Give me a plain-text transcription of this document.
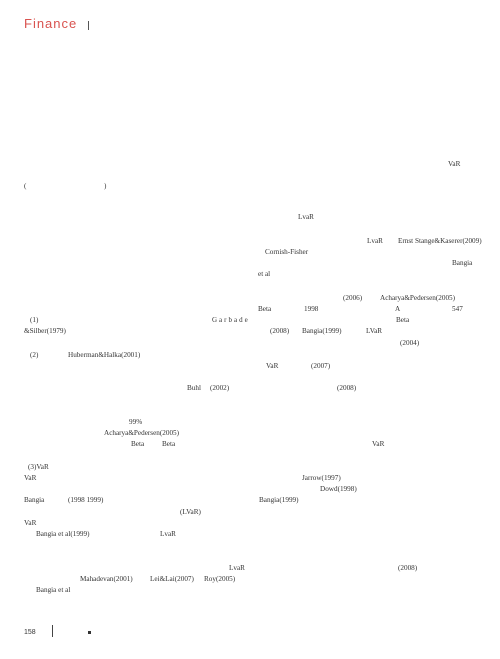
Finance
VaR
(	)
LvaR
LvaR Ernst Stange&Kaserer(2009)
Cornish-Fisher
Bangia
et al
(2006) Acharya&Pedersen(2005)
Beta	1998	A	547
(1)	Garbade	Beta
&Silber(1979)	(2008) Bangia(1999)	LVaR
(2004)
(2)	Huberman&Halka(2001)
VaR	(2007)
Buhl (2002)	(2008)
99%
Acharya&Pedersen(2005)
Beta Beta	VaR
(3)VaR
VaR	Jarrow(1997)
Dowd(1998)
Bangia	(1998 1999)	Bangia(1999)
(LVaR)
VaR
Bangia et al(1999)	LvaR
LvaR	(2008)
Mahadevan(2001) Lei&Lai(2007) Roy(2005)
Bangia et al
158
